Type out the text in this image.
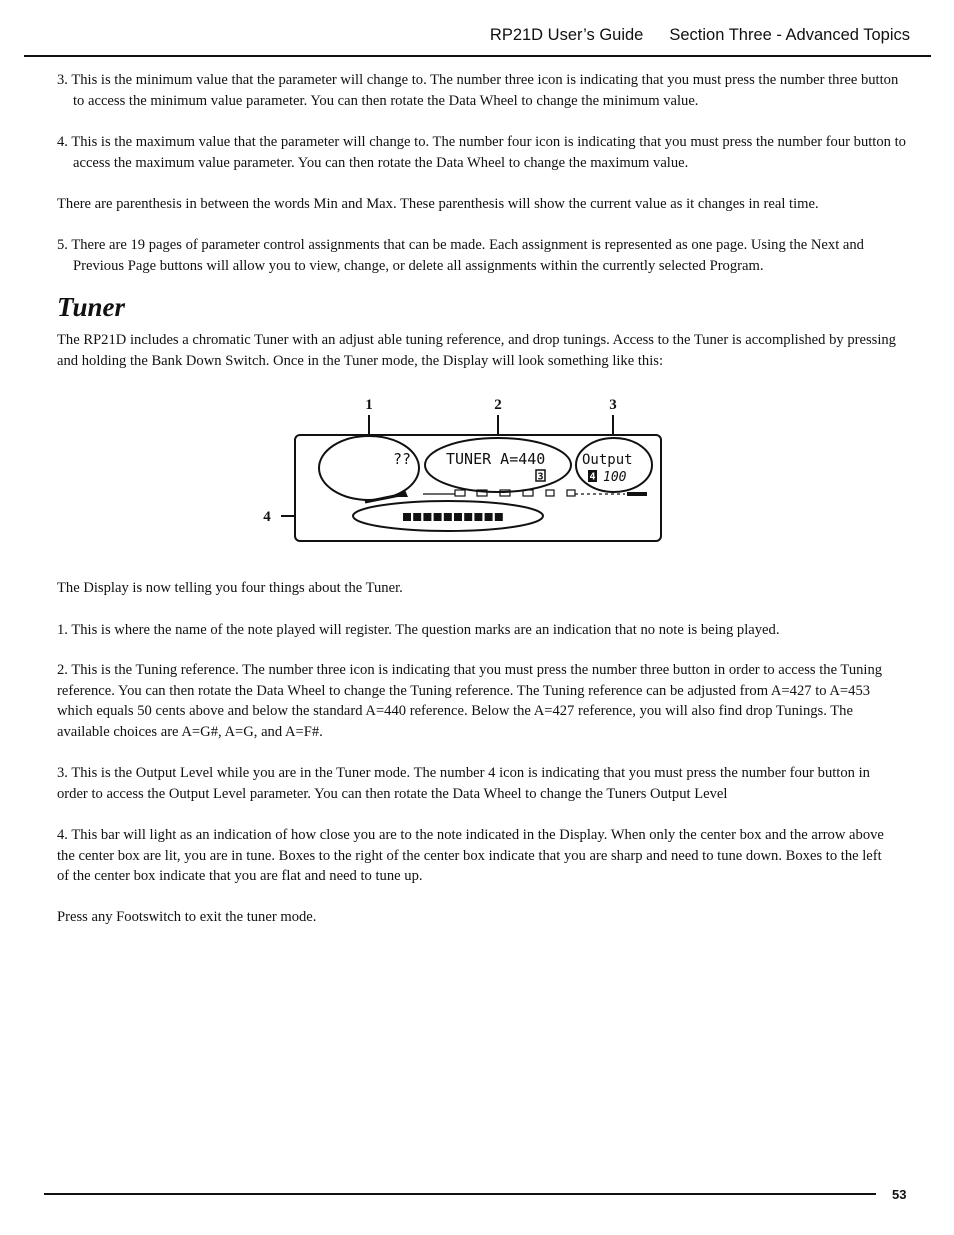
RP21D User’s Guide Section Three - Advanced Topics

3. This is the minimum value that the parameter will change to. The number three icon is indicating that you must press the number three button to access the minimum value parameter. You can then rotate the Data Wheel to change the minimum value.

4. This is the maximum value that the parameter will change to. The number four icon is indicating that you must press the number four button to access the maximum value parameter. You can then rotate the Data Wheel to change the maximum value.

There are parenthesis in between the words Min and Max. These parenthesis will show the current value as it changes in real time.

5. There are 19 pages of parameter control assignments that can be made. Each assignment is represented as one page. Using the Next and Previous Page buttons will allow you to view, change, or delete all assignments within the currently selected Program.

Tuner

The RP21D includes a chromatic Tuner with an adjust able tuning reference, and drop tunings. Access to the Tuner is accomplished by pressing and holding the Bank Down Switch. Once in the Tuner mode, the Display will look something like this:

1	2	3
4
?? TUNER A=440	Output
3	4 100

The Display is now telling you four things about the Tuner.

1. This is where the name of the note played will register. The question marks are an indication that no note is being played.

2. This is the Tuning reference. The number three icon is indicating that you must press the number three button in order to access the Tuning reference. You can then rotate the Data Wheel to change the Tuning reference. The Tuning reference can be adjusted from A=427 to A=453 which equals 50 cents above and below the standard A=440 reference. Below the A=427 reference, you will also find drop Tunings. The available choices are A=G#, A=G, and A=F#.

3. This is the Output Level while you are in the Tuner mode. The number 4 icon is indicating that you must press the number four button in order to access the Output Level parameter. You can then rotate the Data Wheel to change the Tuners Output Level

4. This bar will light as an indication of how close you are to the note indicated in the Display. When only the center box and the arrow above the center box are lit, you are in tune. Boxes to the right of the center box indicate that you are sharp and need to tune down. Boxes to the left of the center box indicate that you are flat and need to tune up.

Press any Footswitch to exit the tuner mode.

53
